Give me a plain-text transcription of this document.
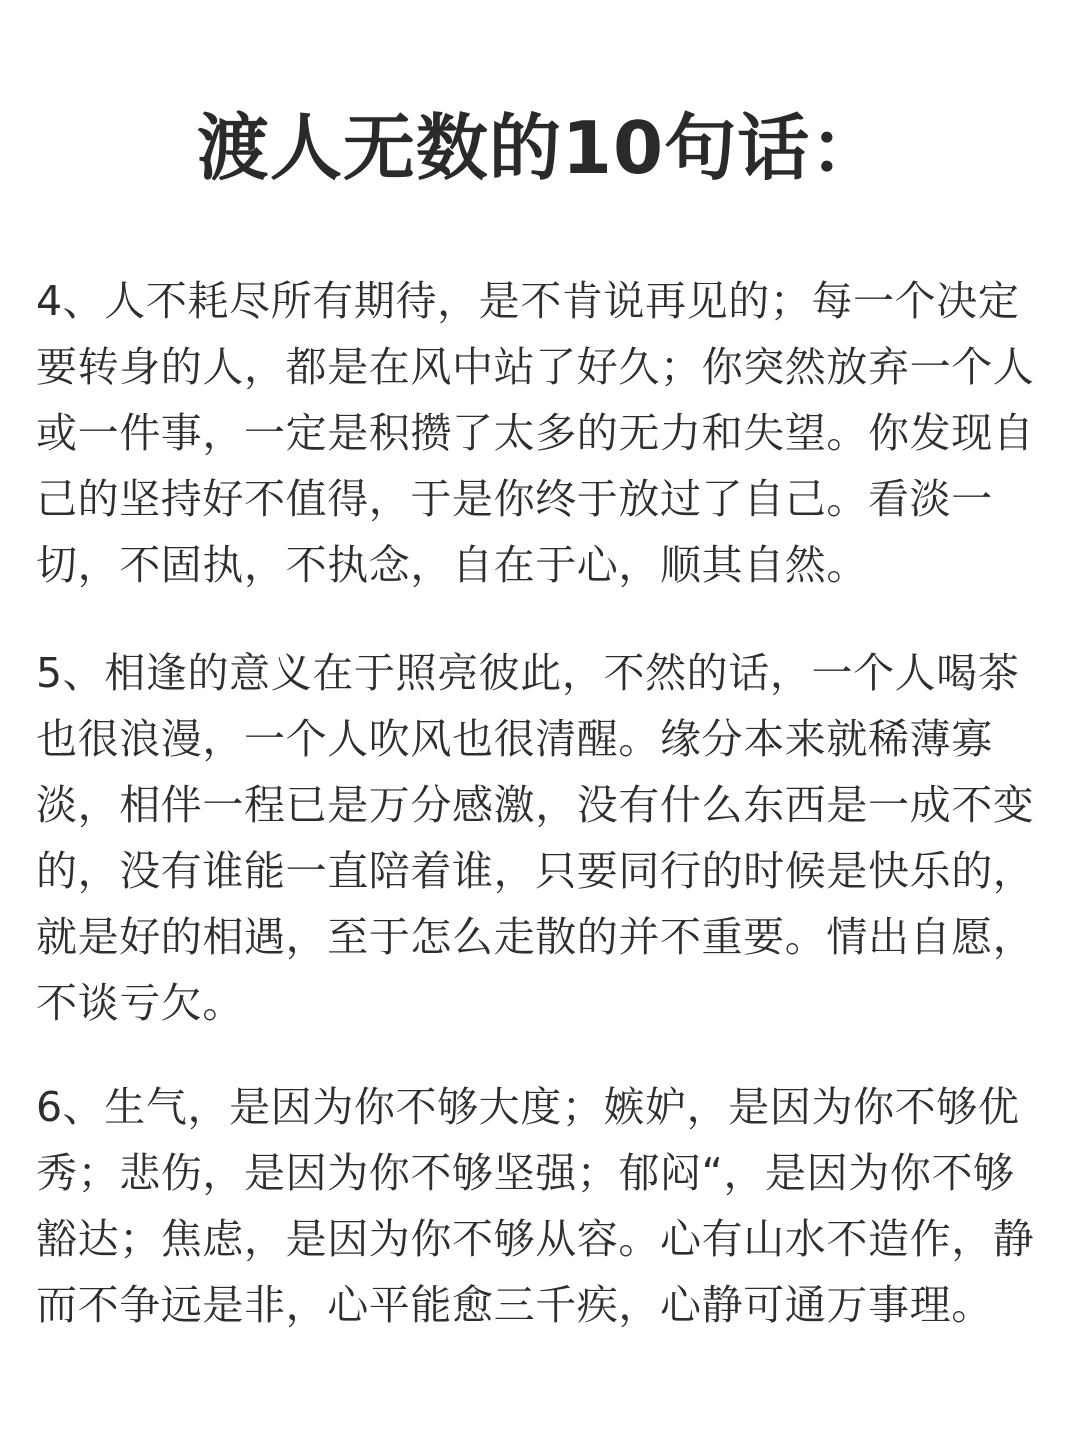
渡人无数的10句话：

4、人不耗尽所有期待，是不肯说再见的；每一个决定要转身的人，都是在风中站了好久；你突然放弃一个人或一件事，一定是积攒了太多的无力和失望。你发现自己的坚持好不值得，于是你终于放过了自己。看淡一切，不固执，不执念，自在于心，顺其自然。

5、相逢的意义在于照亮彼此，不然的话，一个人喝茶也很浪漫，一个人吹风也很清醒。缘分本来就稀薄寡淡，相伴一程已是万分感激，没有什么东西是一成不变的，没有谁能一直陪着谁，只要同行的时候是快乐的，就是好的相遇，至于怎么走散的并不重要。情出自愿，不谈亏欠。

6、生气，是因为你不够大度；嫉妒，是因为你不够优秀；悲伤，是因为你不够坚强；郁闷“，是因为你不够豁达；焦虑，是因为你不够从容。心有山水不造作，静而不争远是非，心平能愈三千疾，心静可通万事理。
